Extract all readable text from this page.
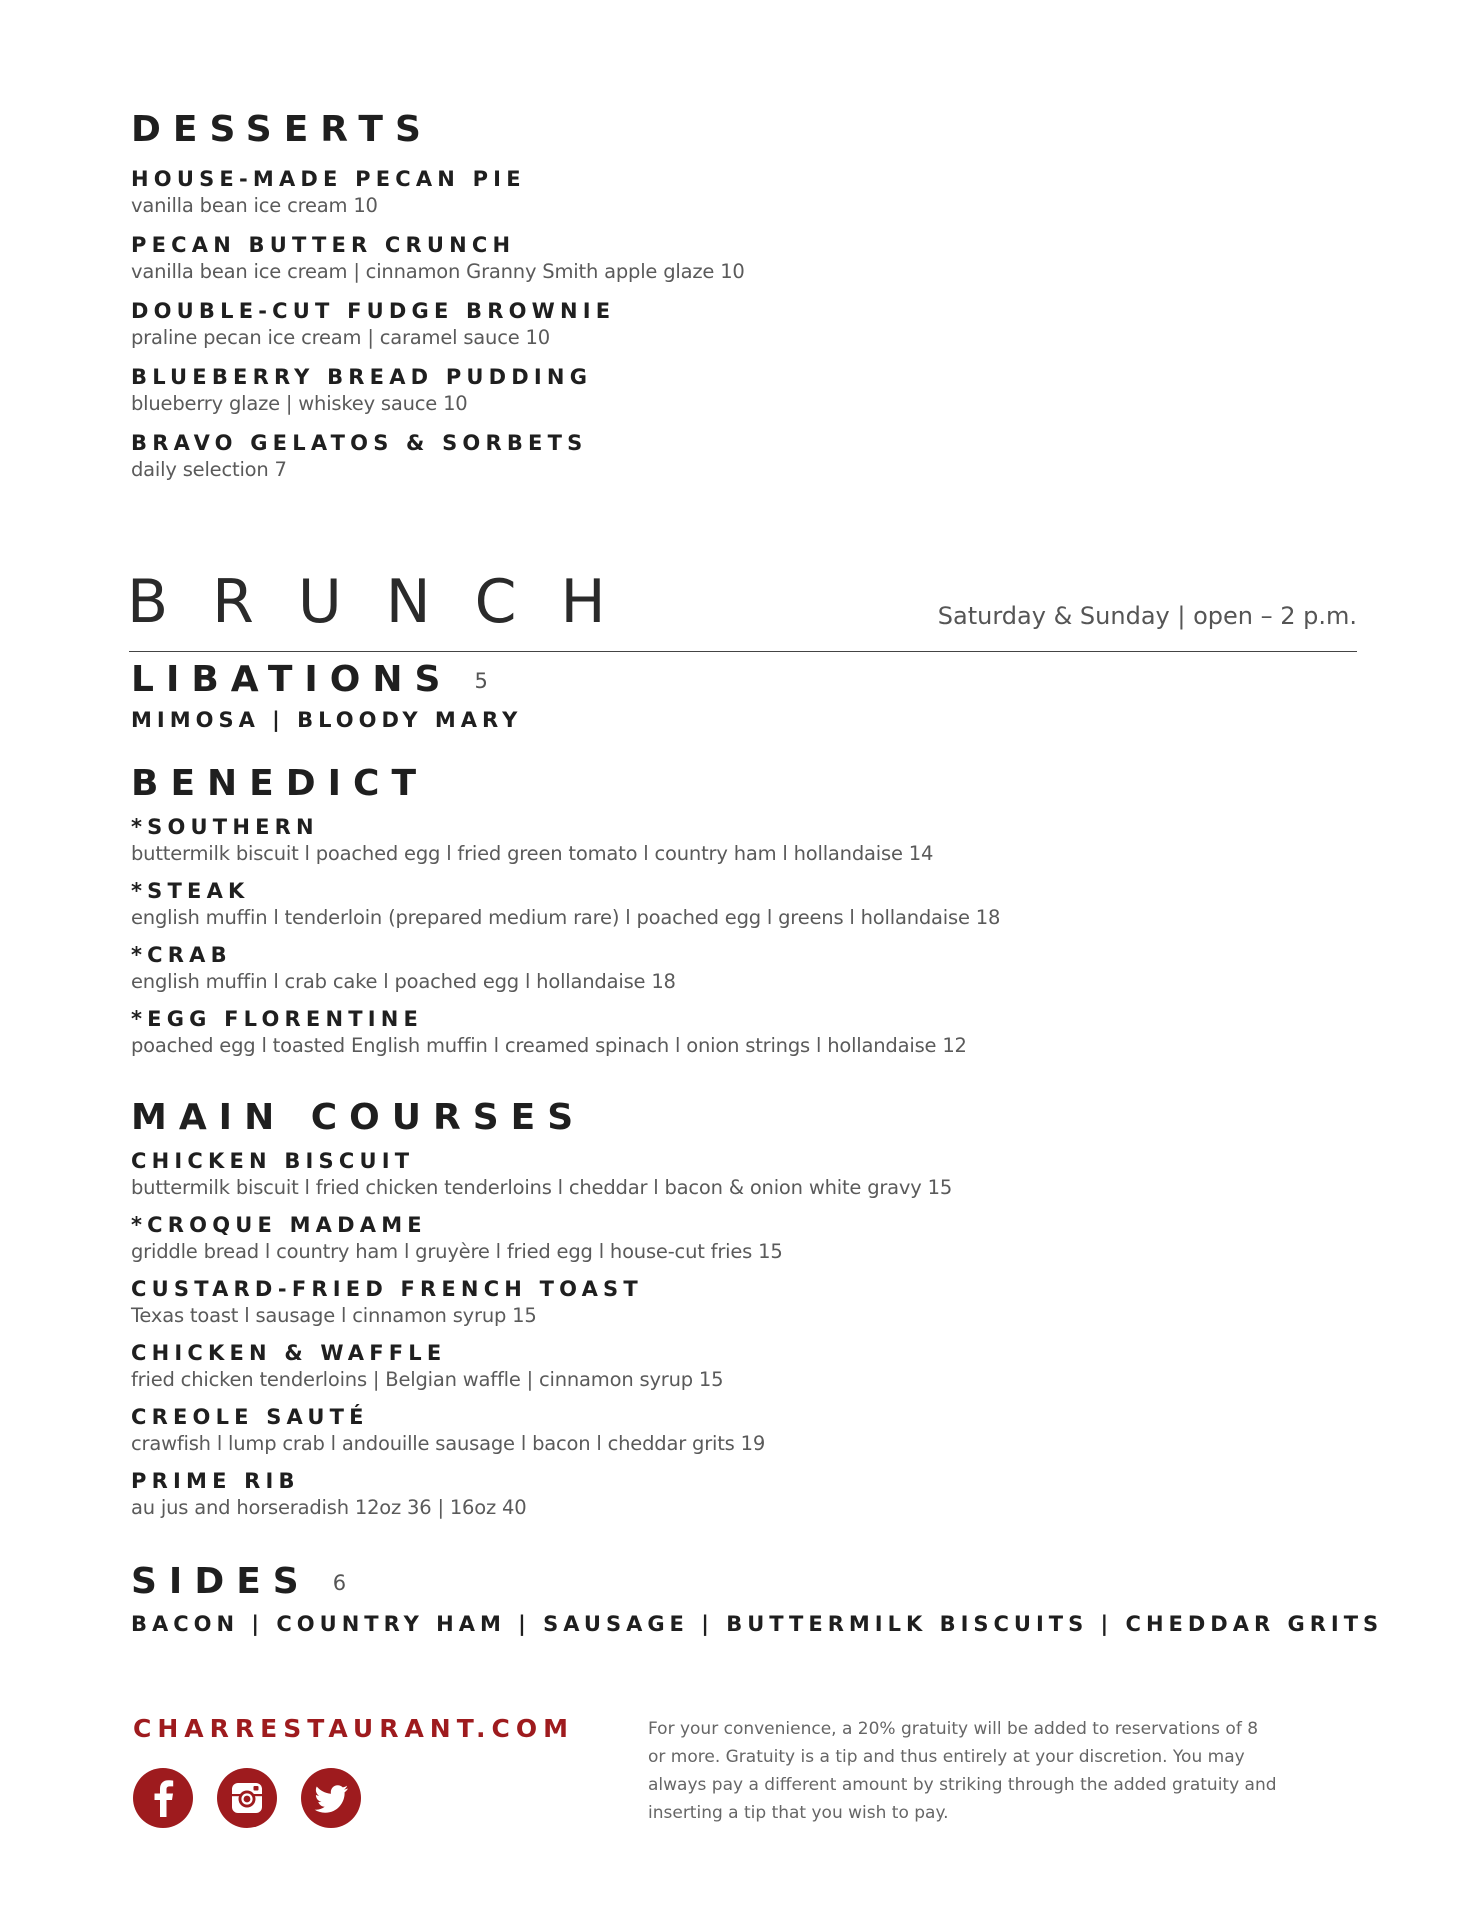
DESSERTS
HOUSE-MADE PECAN PIE
vanilla bean ice cream 10
PECAN BUTTER CRUNCH
vanilla bean ice cream | cinnamon Granny Smith apple glaze 10
DOUBLE-CUT FUDGE BROWNIE
praline pecan ice cream | caramel sauce 10
BLUEBERRY BREAD PUDDING
blueberry glaze | whiskey sauce 10
BRAVO GELATOS & SORBETS
daily selection 7
BRUNCH	Saturday & Sunday | open – 2 p.m.
LIBATIONS 5
MIMOSA | BLOODY MARY
BENEDICT
*SOUTHERN
buttermilk biscuit l poached egg l fried green tomato l country ham l hollandaise 14
*STEAK
english muffin l tenderloin (prepared medium rare) l poached egg l greens l hollandaise 18
*CRAB
english muffin l crab cake l poached egg l hollandaise 18
*EGG FLORENTINE
poached egg l toasted English muffin l creamed spinach l onion strings l hollandaise 12
MAIN COURSES
CHICKEN BISCUIT
buttermilk biscuit l fried chicken tenderloins l cheddar l bacon & onion white gravy 15
*CROQUE MADAME
griddle bread l country ham l gruyère l fried egg l house-cut fries 15
CUSTARD-FRIED FRENCH TOAST
Texas toast l sausage l cinnamon syrup 15
CHICKEN & WAFFLE
fried chicken tenderloins | Belgian waffle | cinnamon syrup 15
CREOLE SAUTÉ
crawfish l lump crab l andouille sausage l bacon l cheddar grits 19
PRIME RIB
au jus and horseradish 12oz 36 | 16oz 40
SIDES 6
BACON | COUNTRY HAM | SAUSAGE | BUTTERMILK BISCUITS | CHEDDAR GRITS
CHARRESTAURANT.COM	For your convenience, a 20% gratuity will be added to reservations of 8
or more. Gratuity is a tip and thus entirely at your discretion. You may
always pay a different amount by striking through the added gratuity and
inserting a tip that you wish to pay.
